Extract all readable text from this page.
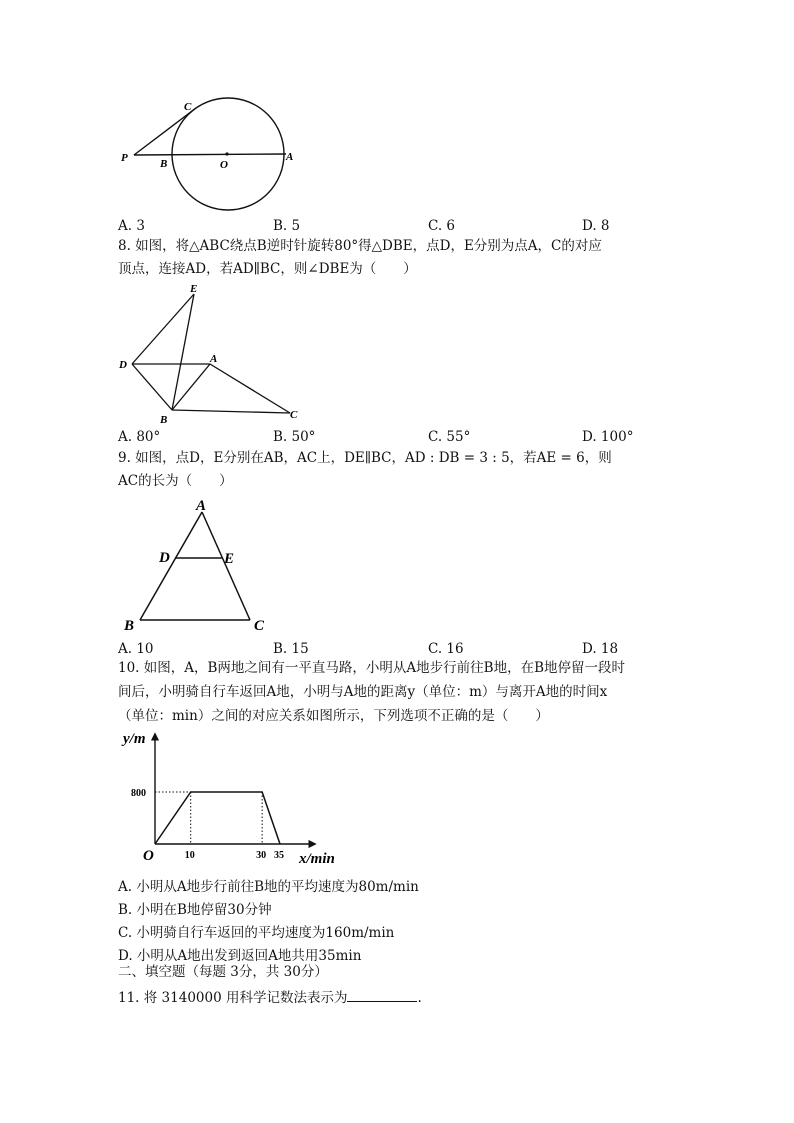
C
P	B	O
A
A. 3	B. 5	C. 6	D. 8
8. 如图，将△ABC绕点B逆时针旋转80°得△DBE，点D，E分别为点A，C的对应
顶点，连接AD，若AD∥BC，则∠DBE为（　　）
E
D	A
B	C
A. 80°	B. 50°	C. 55°	D. 100°
9. 如图，点D，E分别在AB，AC上，DE∥BC，AD : DB = 3 : 5，若AE = 6，则
AC的长为（　　）
A
D	E
B	C
A. 10	B. 15	C. 16	D. 18
10. 如图，A，B两地之间有一平直马路，小明从A地步行前往B地，在B地停留一段时
间后，小明骑自行车返回A地，小明与A地的距离y（单位：m）与离开A地的时间x
（单位：min）之间的对应关系如图所示，下列选项不正确的是（　　）
10	30 35
800
y/m
x/min
O
A. 小明从A地步行前往B地的平均速度为80m/min
B. 小明在B地停留30分钟
C. 小明骑自行车返回的平均速度为160m/min
D. 小明从A地出发到返回A地共用35min
二、填空题（每题 3分，共 30分）
11. 将 3140000 用科学记数法表示为	.
